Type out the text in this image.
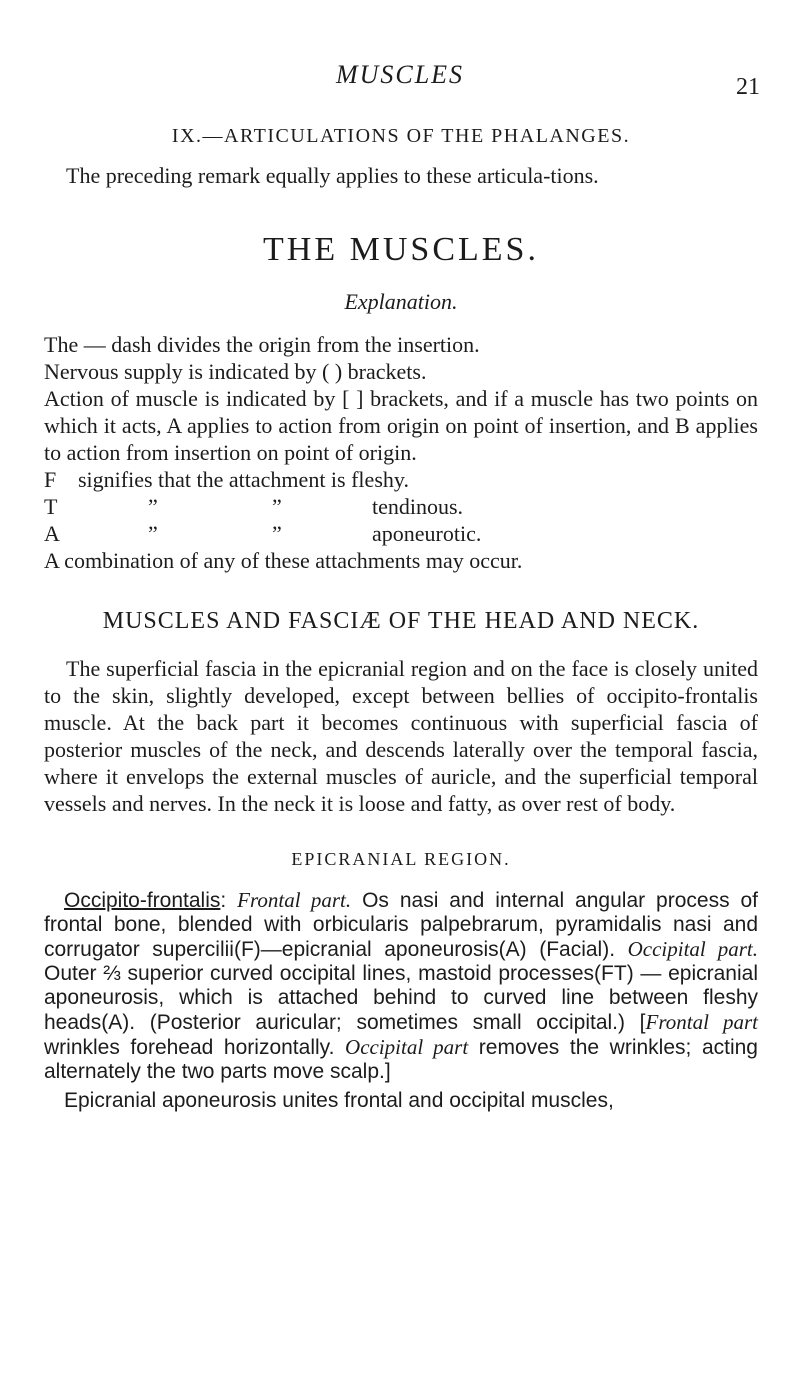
MUSCLES	21
IX.—ARTICULATIONS OF THE PHALANGES.

The preceding remark equally applies to these articula-tions.

THE MUSCLES.
Explanation.

The — dash divides the origin from the insertion.

Nervous supply is indicated by ( ) brackets.

Action of muscle is indicated by [ ] brackets, and if a muscle has two points on which it acts, A applies to action from origin on point of insertion, and B applies to action from insertion on point of origin.

F signifies that the attachment is fleshy.
T	”	”	tendinous.
A	”	”	aponeurotic.

A combination of any of these attachments may occur.

MUSCLES AND FASCIÆ OF THE HEAD AND NECK.

The superficial fascia in the epicranial region and on the face is closely united to the skin, slightly developed, except between bellies of occipito-frontalis muscle. At the back part it becomes continuous with superficial fascia of posterior muscles of the neck, and descends laterally over the temporal fascia, where it envelops the external muscles of auricle, and the superficial temporal vessels and nerves. In the neck it is loose and fatty, as over rest of body.

EPICRANIAL REGION.

Occipito-frontalis: Frontal part. Os nasi and internal angular process of frontal bone, blended with orbicularis palpebrarum, pyramidalis nasi and corrugator supercilii(F)—epicranial aponeurosis(A) (Facial). Occipital part. Outer ⅔ superior curved occipital lines, mastoid processes(FT) — epicranial aponeurosis, which is attached behind to curved line between fleshy heads(A). (Posterior auricular; sometimes small occipital.) [Frontal part wrinkles forehead horizontally. Occipital part removes the wrinkles; acting alternately the two parts move scalp.]

Epicranial aponeurosis unites frontal and occipital muscles,
